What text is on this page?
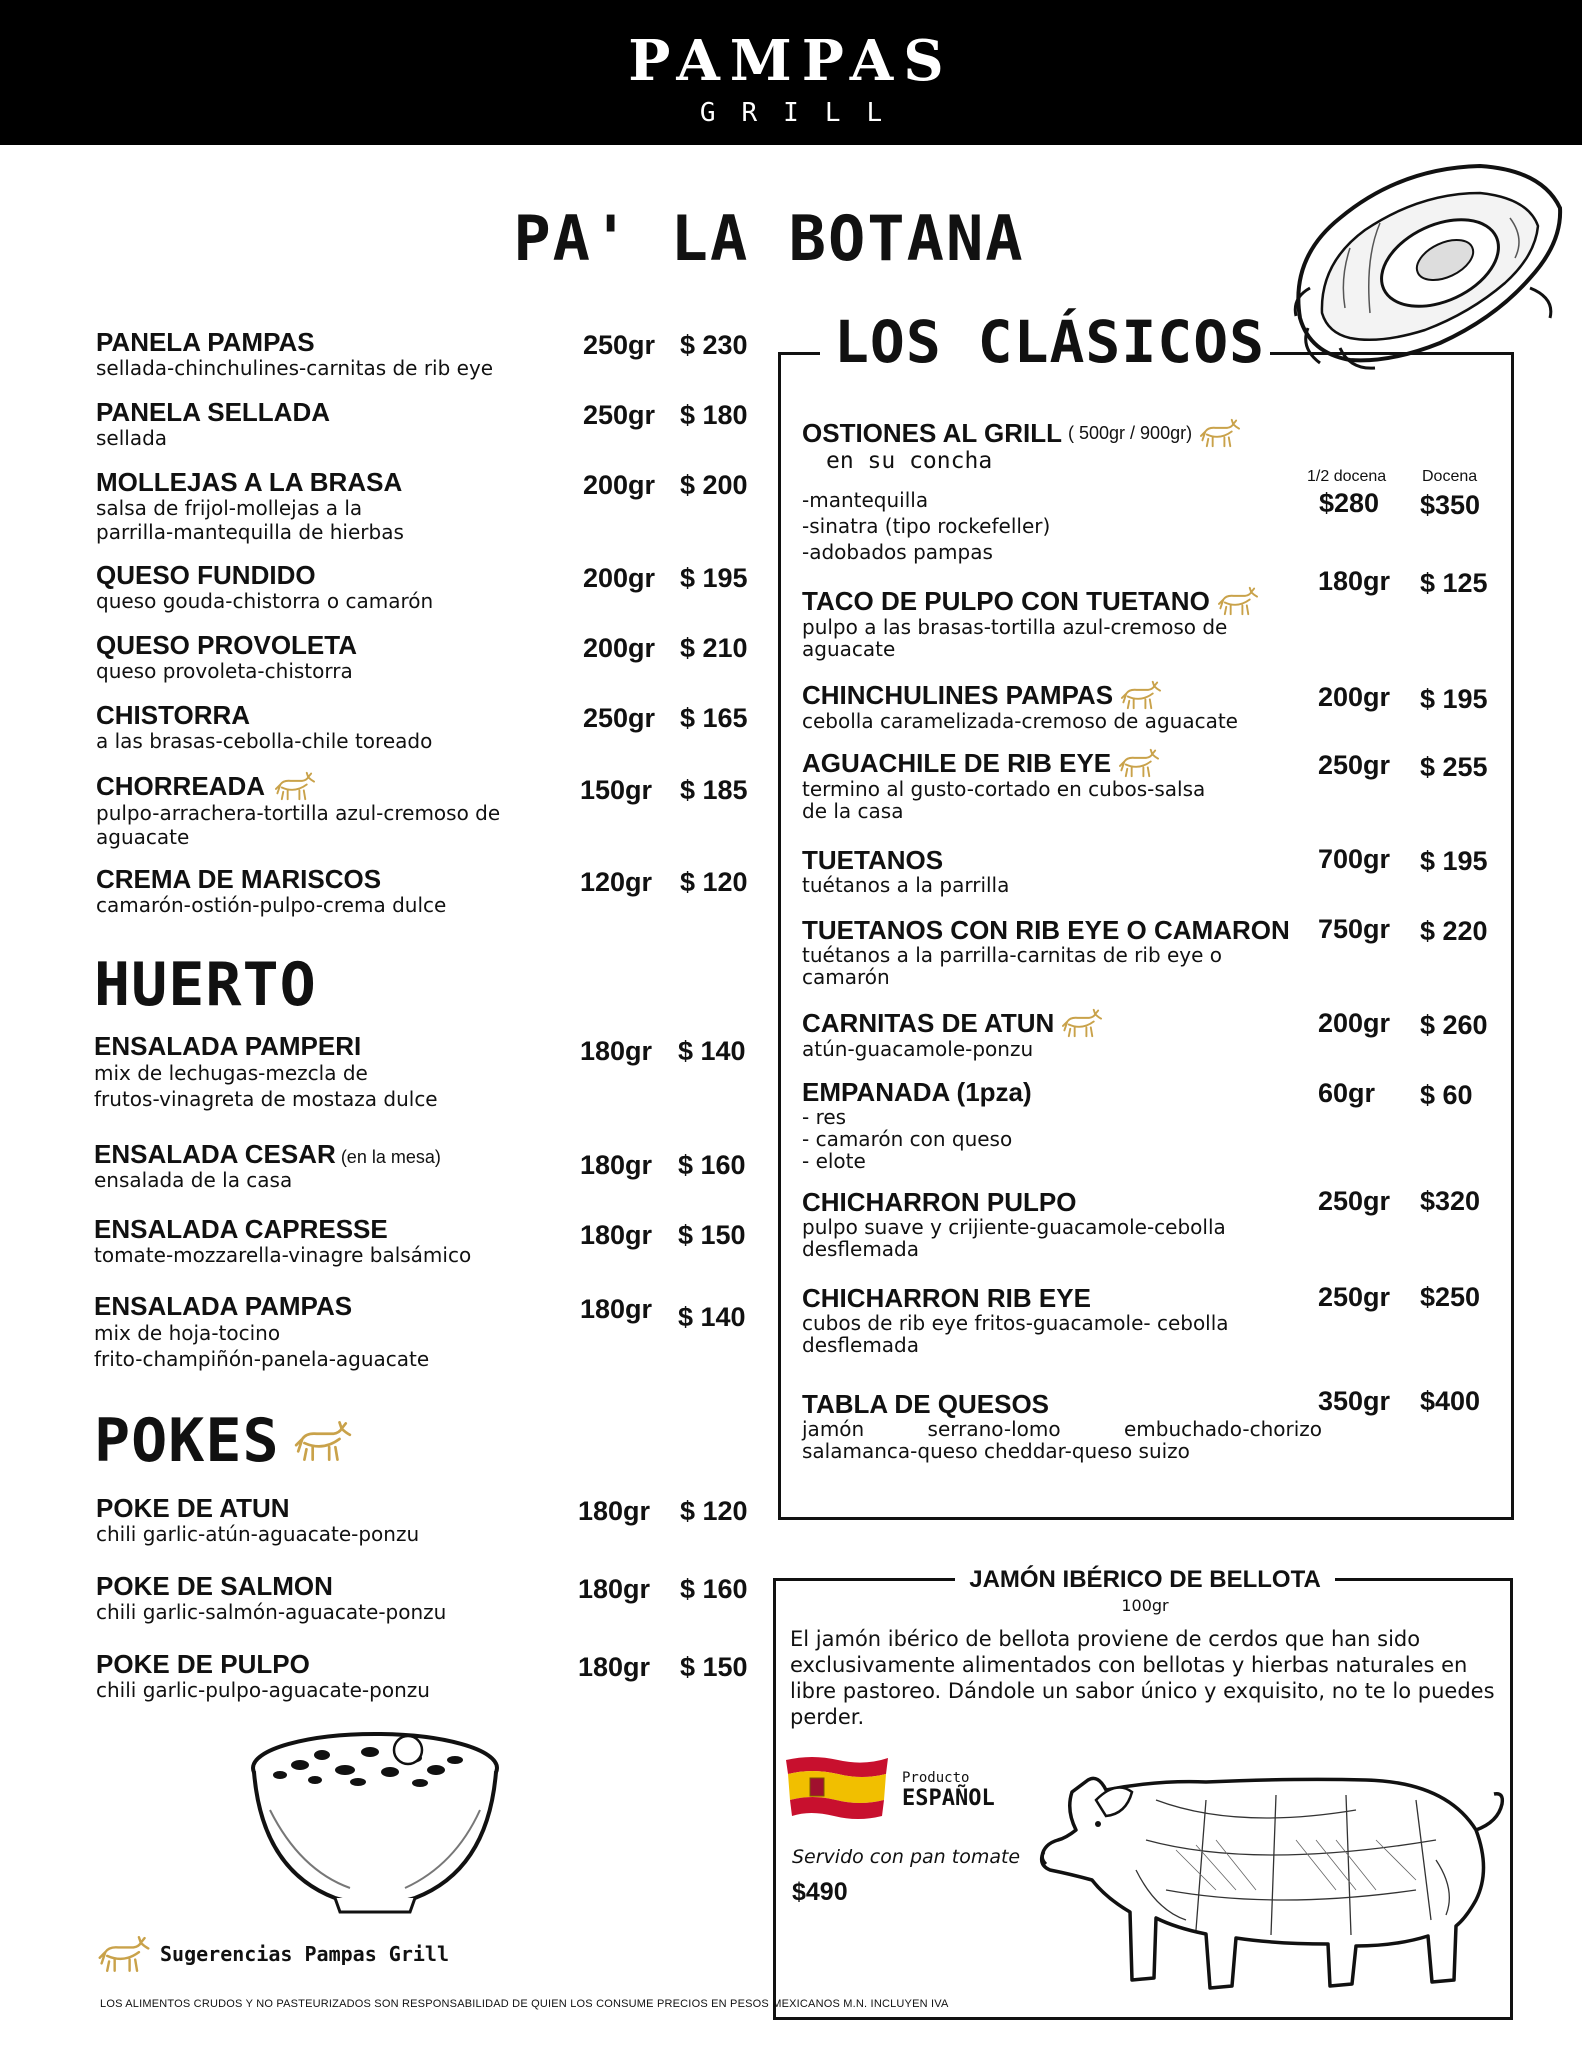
PAMPAS
GRILL
PA' LA BOTANA
PANELA PAMPAS
sellada-chinchulines-carnitas de rib eye
250gr $ 230
PANELA SELLADA
sellada
250gr $ 180
MOLLEJAS A LA BRASA
salsa de frijol-mollejas a la
parrilla-mantequilla de hierbas
200gr $ 200
QUESO FUNDIDO
queso gouda-chistorra o camarón
200gr $ 195
QUESO PROVOLETA
queso provoleta-chistorra
200gr $ 210
CHISTORRA
a las brasas-cebolla-chile toreado
250gr $ 165
CHORREADA
pulpo-arrachera-tortilla azul-cremoso de
aguacate
150gr $ 185
CREMA DE MARISCOS
camarón-ostión-pulpo-crema dulce
120gr $ 120
HUERTO
ENSALADA PAMPERI
mix de lechugas-mezcla de
frutos-vinagreta de mostaza dulce
180gr $ 140
ENSALADA CESAR (en la mesa)
ensalada de la casa	180gr $ 160
ENSALADA CAPRESSE
tomate-mozzarella-vinagre balsámico
180gr $ 150
ENSALADA PAMPAS
mix de hoja-tocino
frito-champiñón-panela-aguacate
180gr $ 140
POKES
POKE DE ATUN
chili garlic-atún-aguacate-ponzu
180gr $ 120
POKE DE SALMON
chili garlic-salmón-aguacate-ponzu
180gr $ 160
POKE DE PULPO
chili garlic-pulpo-aguacate-ponzu
180gr $ 150
LOS CLÁSICOS
OSTIONES AL GRILL ( 500gr / 900gr)
en su concha
-mantequilla
-sinatra (tipo rockefeller)
-adobados pampas
1/2 docena Docena
$280 $350
TACO DE PULPO CON TUETANO
pulpo a las brasas-tortilla azul-cremoso de
aguacate
180gr $ 125
CHINCHULINES PAMPAS
cebolla caramelizada-cremoso de aguacate
200gr $ 195
AGUACHILE DE RIB EYE
termino al gusto-cortado en cubos-salsa
de la casa
250gr $ 255
TUETANOS
tuétanos a la parrilla
700gr $ 195
TUETANOS CON RIB EYE O CAMARON
tuétanos a la parrilla-carnitas de rib eye o
camarón
750gr $ 220
CARNITAS DE ATUN
atún-guacamole-ponzu
200gr $ 260
EMPANADA (1pza)
- res
- camarón con queso
- elote
60gr $ 60
CHICHARRON PULPO
pulpo suave y crijiente-guacamole-cebolla
desflemada
250gr $320
CHICHARRON RIB EYE
cubos de rib eye fritos-guacamole- cebolla
desflemada
250gr $250
TABLA DE QUESOS
jamón serrano-lomo embuchado-chorizo
salamanca-queso cheddar-queso suizo
350gr $400
JAMÓN IBÉRICO DE BELLOTA
100gr
El jamón ibérico de bellota proviene de cerdos que han sido exclusivamente alimentados con bellotas y hierbas naturales en libre pastoreo. Dándole un sabor único y exquisito, no te lo puedes perder.
Producto
ESPAÑOL
Servido con pan tomate
$490
Sugerencias Pampas Grill
LOS ALIMENTOS CRUDOS Y NO PASTEURIZADOS SON RESPONSABILIDAD DE QUIEN LOS CONSUME PRECIOS EN PESOS MEXICANOS M.N. INCLUYEN IVA
